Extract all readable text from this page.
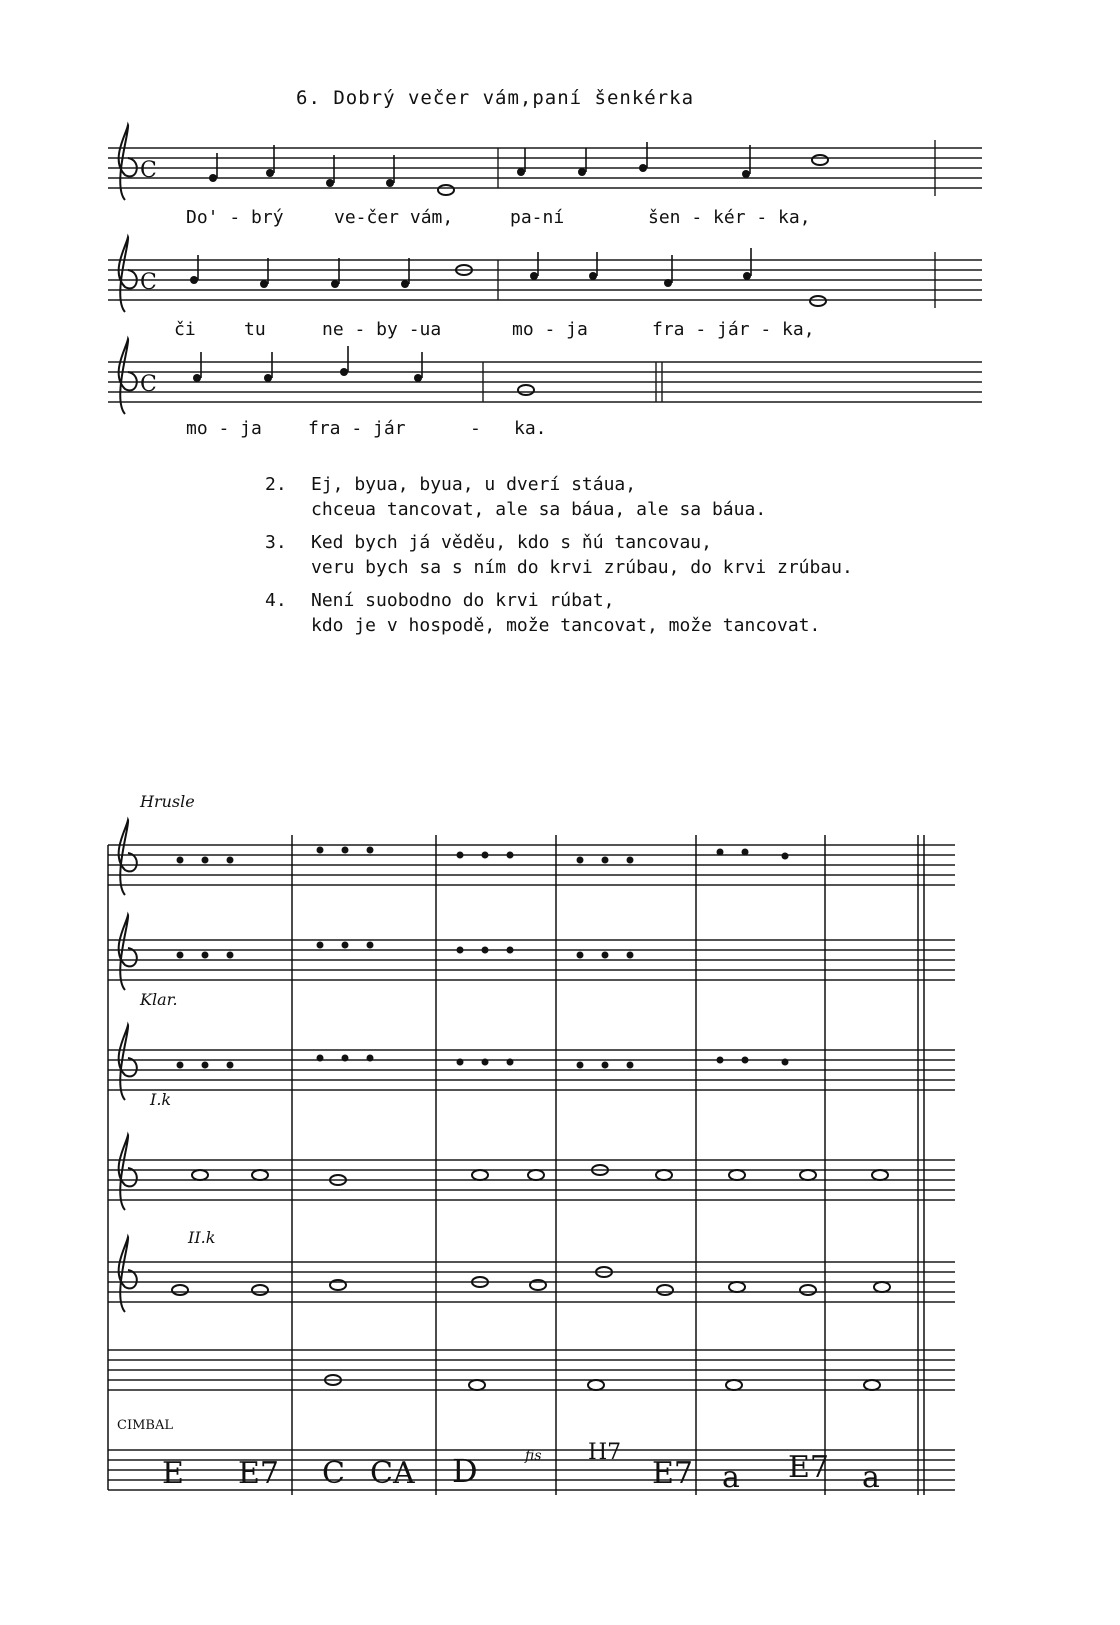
6. Dobrý večer vám,paní šenkérka
C
C
C
Do' - brý	ve-čer vám,	pa-ní	šen - kér - ka,
či	tu	ne - by -ua	mo - ja	fra - jár - ka,
mo - ja	fra - jár	- ka.
2. Ej, byua, byua, u dverí stáua,
chceua tancovat, ale sa báua, ale sa báua.
3. Ked bych já věděu, kdo s ňú tancovau,
veru bych sa s ním do krvi zrúbau, do krvi zrúbau.
4. Není suobodno do krvi rúbat,
kdo je v hospodě, može tancovat, može tancovat.
Hrusle
Klar.
I.k
II.k
CIMBAL
E E7 C CA D	fis H7
E7 a E7 a
